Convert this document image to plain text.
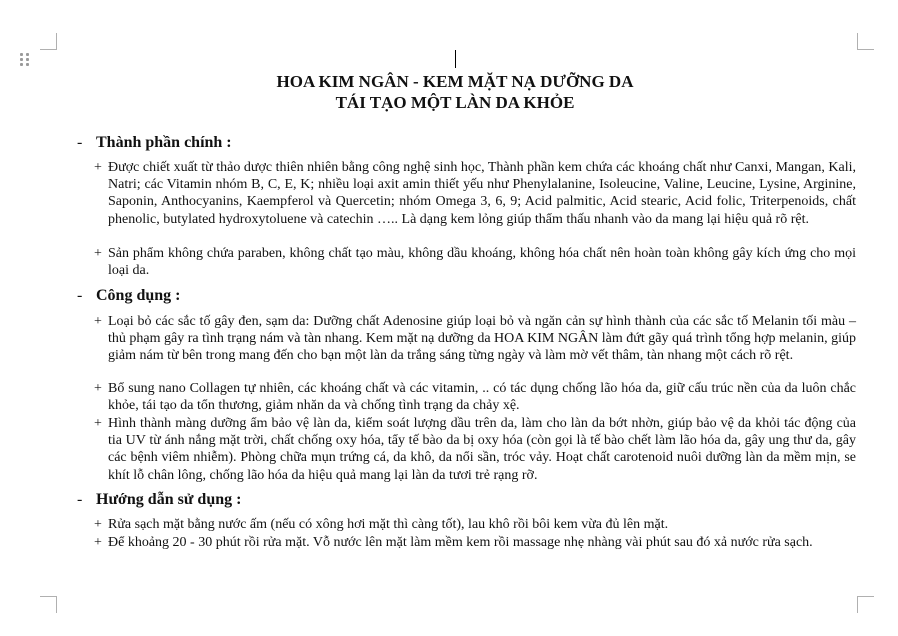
HOA KIM NGÂN - KEM MẶT NẠ DƯỠNG DA
TÁI TẠO MỘT LÀN DA KHỎE
- Thành phần chính :
+ Được chiết xuất từ thảo dược thiên nhiên bằng công nghệ sinh học, Thành phần kem chứa các khoáng chất như Canxi, Mangan, Kali, Natri; các Vitamin nhóm B, C, E, K; nhiều loại axit amin thiết yếu như Phenylalanine, Isoleucine, Valine, Leucine, Lysine, Arginine, Saponin, Anthocyanins, Kaempferol và Quercetin; nhóm Omega 3, 6, 9; Acid palmitic, Acid stearic, Acid folic, Triterpenoids, chất phenolic, butylated hydroxytoluene và catechin ….. Là dạng kem lỏng giúp thẩm thấu nhanh vào da mang lại hiệu quả rõ rệt.
+ Sản phẩm không chứa paraben, không chất tạo màu, không dầu khoáng, không hóa chất nên hoàn toàn không gây kích ứng cho mọi loại da.
- Công dụng :
+ Loại bỏ các sắc tố gây đen, sạm da: Dưỡng chất Adenosine giúp loại bỏ và ngăn cản sự hình thành của các sắc tố Melanin tối màu – thủ phạm gây ra tình trạng nám và tàn nhang. Kem mặt nạ dưỡng da HOA KIM NGÂN làm đứt gãy quá trình tổng hợp melanin, giúp giảm nám từ bên trong mang đến cho bạn một làn da trắng sáng từng ngày và làm mờ vết thâm, tàn nhang một cách rõ rệt.
+ Bổ sung nano Collagen tự nhiên, các khoáng chất và các vitamin, .. có tác dụng chống lão hóa da, giữ cấu trúc nền của da luôn chắc khỏe, tái tạo da tổn thương, giảm nhăn da và chống tình trạng da chảy xệ.
+ Hình thành màng dưỡng ẩm bảo vệ làn da, kiểm soát lượng dầu trên da, làm cho làn da bớt nhờn, giúp bảo vệ da khỏi tác động của tia UV từ ánh nắng mặt trời, chất chống oxy hóa, tẩy tế bào da bị oxy hóa (còn gọi là tế bào chết làm lão hóa da, gây ung thư da, gây các bệnh viêm nhiễm). Phòng chữa mụn trứng cá, da khô, da nổi sần, tróc vảy. Hoạt chất carotenoid nuôi dưỡng làn da mềm mịn, se khít lỗ chân lông, chống lão hóa da hiệu quả mang lại làn da tươi trẻ rạng rỡ.
- Hướng dẫn sử dụng :
+ Rửa sạch mặt bằng nước ấm (nếu có xông hơi mặt thì càng tốt), lau khô rồi bôi kem vừa đủ lên mặt.
+ Để khoảng 20 - 30 phút rồi rửa mặt. Vỗ nước lên mặt làm mềm kem rồi massage nhẹ nhàng vài phút sau đó xả nước rửa sạch.
